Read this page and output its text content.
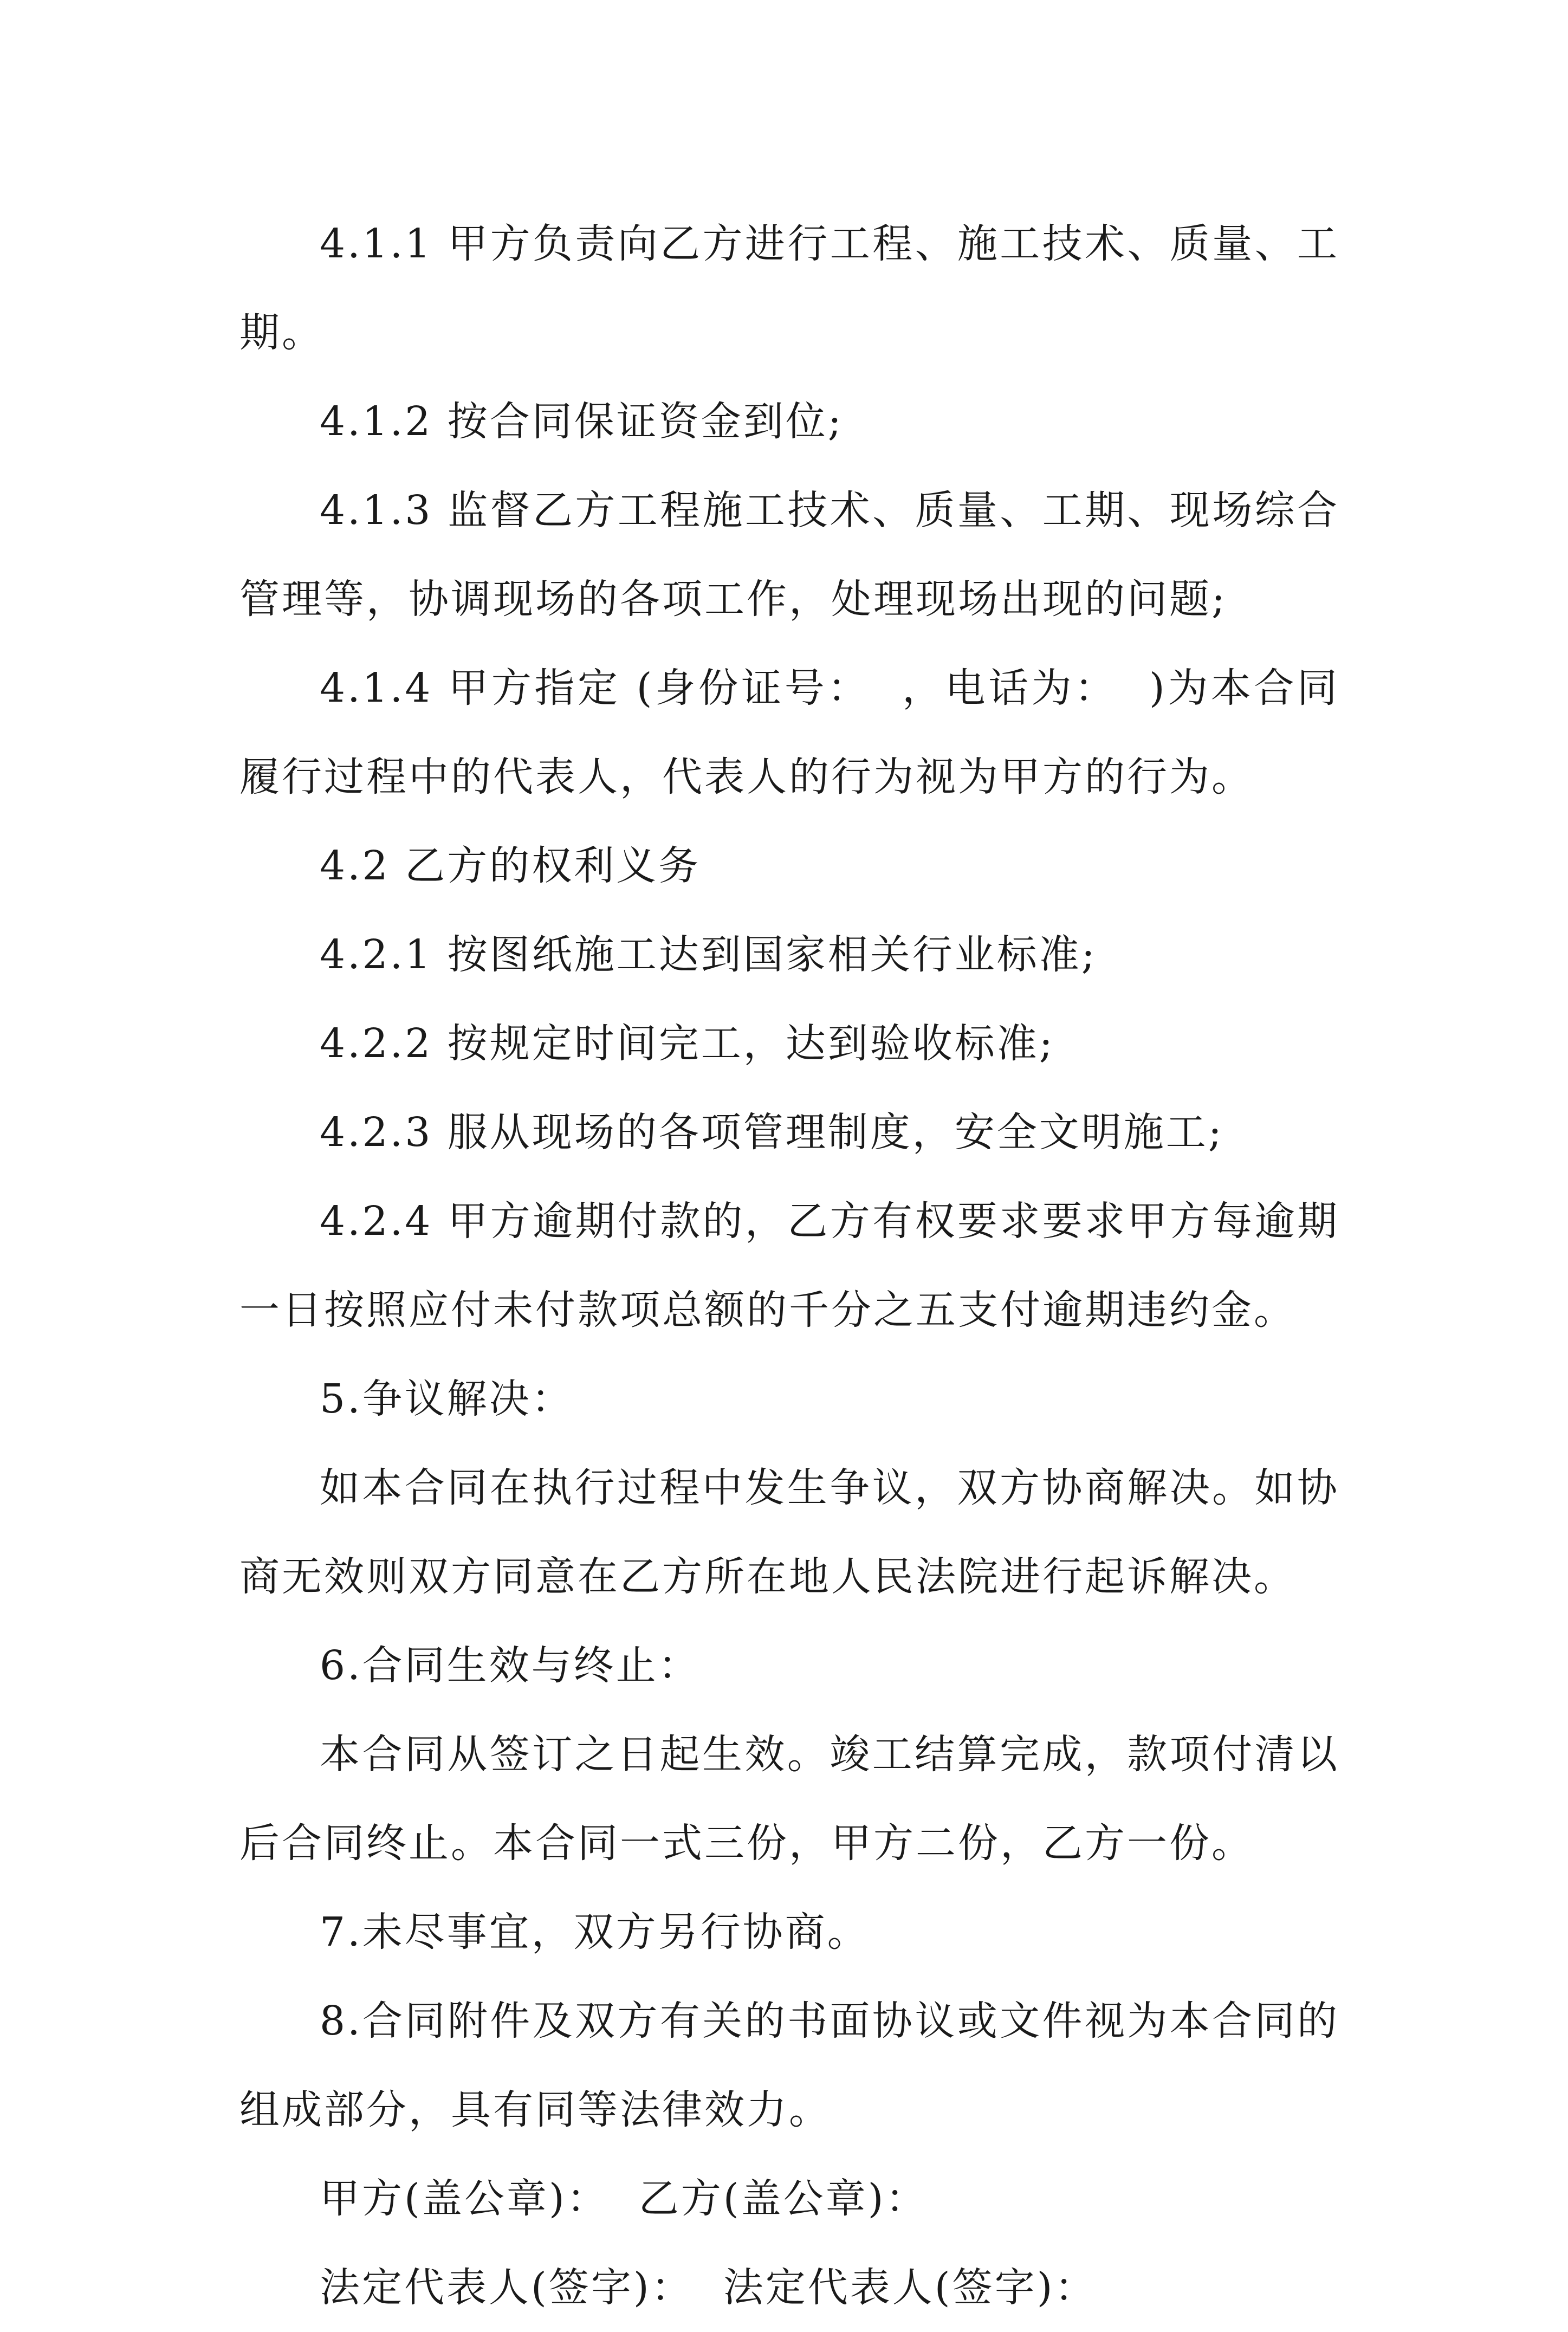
4.1.1 甲方负责向乙方进行工程、施工技术、质量、工期。

4.1.2 按合同保证资金到位;

4.1.3 监督乙方工程施工技术、质量、工期、现场综合管理等，协调现场的各项工作，处理现场出现的问题;

4.1.4 甲方指定 (身份证号：  ，电话为：  )为本合同履行过程中的代表人，代表人的行为视为甲方的行为。

4.2 乙方的权利义务

4.2.1 按图纸施工达到国家相关行业标准;

4.2.2 按规定时间完工，达到验收标准;

4.2.3 服从现场的各项管理制度，安全文明施工;

4.2.4 甲方逾期付款的，乙方有权要求要求甲方每逾期一日按照应付未付款项总额的千分之五支付逾期违约金。

5.争议解决：

如本合同在执行过程中发生争议，双方协商解决。如协商无效则双方同意在乙方所在地人民法院进行起诉解决。

6.合同生效与终止：

本合同从签订之日起生效。竣工结算完成，款项付清以后合同终止。本合同一式三份，甲方二份，乙方一份。

7.未尽事宜，双方另行协商。

8.合同附件及双方有关的书面协议或文件视为本合同的组成部分，具有同等法律效力。

甲方(盖公章)：  乙方(盖公章)：

法定代表人(签字)：  法定代表人(签字)：
